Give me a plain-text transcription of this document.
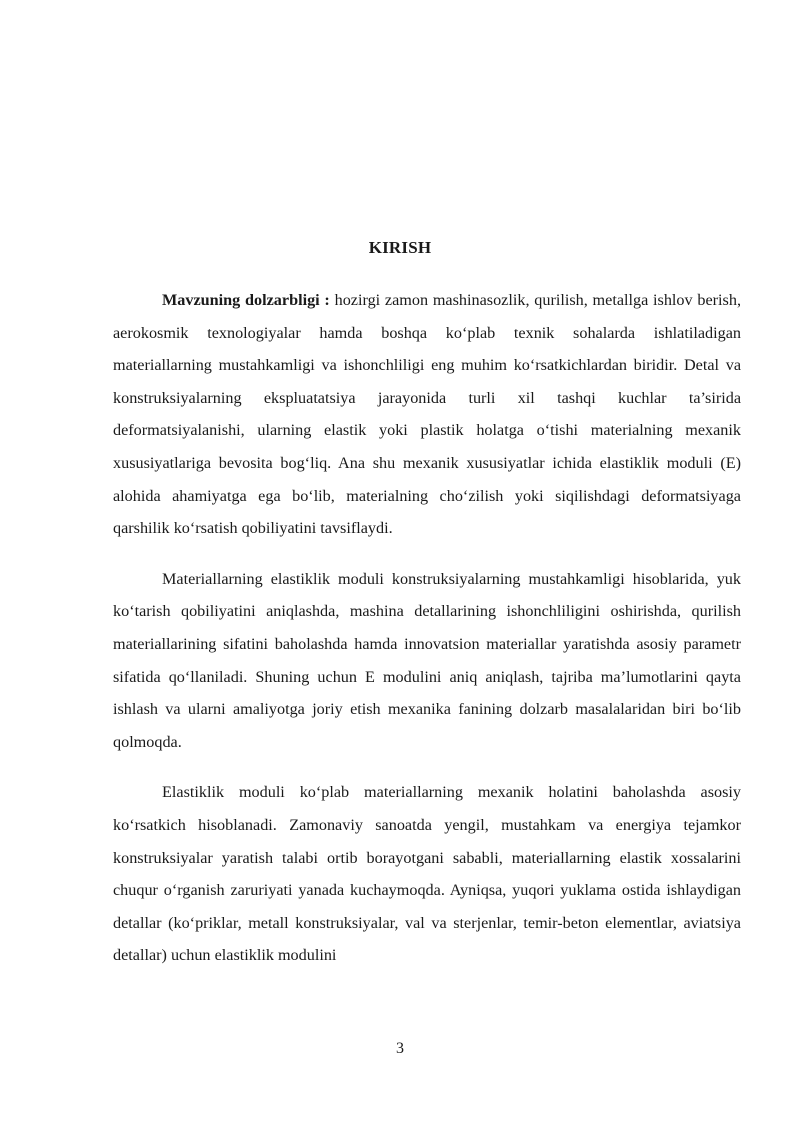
KIRISH

Mavzuning dolzarbligi : hozirgi zamon mashinasozlik, qurilish, metallga ishlov berish, aerokosmik texnologiyalar hamda boshqa ko‘plab texnik sohalarda ishlatiladigan materiallarning mustahkamligi va ishonchliligi eng muhim ko‘rsatkichlardan biridir. Detal va konstruksiyalarning ekspluatatsiya jarayonida turli xil tashqi kuchlar ta’sirida deformatsiyalanishi, ularning elastik yoki plastik holatga o‘tishi materialning mexanik xususiyatlariga bevosita bog‘liq. Ana shu mexanik xususiyatlar ichida elastiklik moduli (E) alohida ahamiyatga ega bo‘lib, materialning cho‘zilish yoki siqilishdagi deformatsiyaga qarshilik ko‘rsatish qobiliyatini tavsiflaydi.

Materiallarning elastiklik moduli konstruksiyalarning mustahkamligi hisoblarida, yuk ko‘tarish qobiliyatini aniqlashda, mashina detallarining ishonchliligini oshirishda, qurilish materiallarining sifatini baholashda hamda innovatsion materiallar yaratishda asosiy parametr sifatida qo‘llaniladi. Shuning uchun E modulini aniq aniqlash, tajriba ma’lumotlarini qayta ishlash va ularni amaliyotga joriy etish mexanika fanining dolzarb masalalaridan biri bo‘lib qolmoqda.

Elastiklik moduli ko‘plab materiallarning mexanik holatini baholashda asosiy ko‘rsatkich hisoblanadi. Zamonaviy sanoatda yengil, mustahkam va energiya tejamkor konstruksiyalar yaratish talabi ortib borayotgani sababli, materiallarning elastik xossalarini chuqur o‘rganish zaruriyati yanada kuchaymoqda. Ayniqsa, yuqori yuklama ostida ishlaydigan detallar (ko‘priklar, metall konstruksiyalar, val va sterjenlar, temir-beton elementlar, aviatsiya detallar) uchun elastiklik modulini

3
